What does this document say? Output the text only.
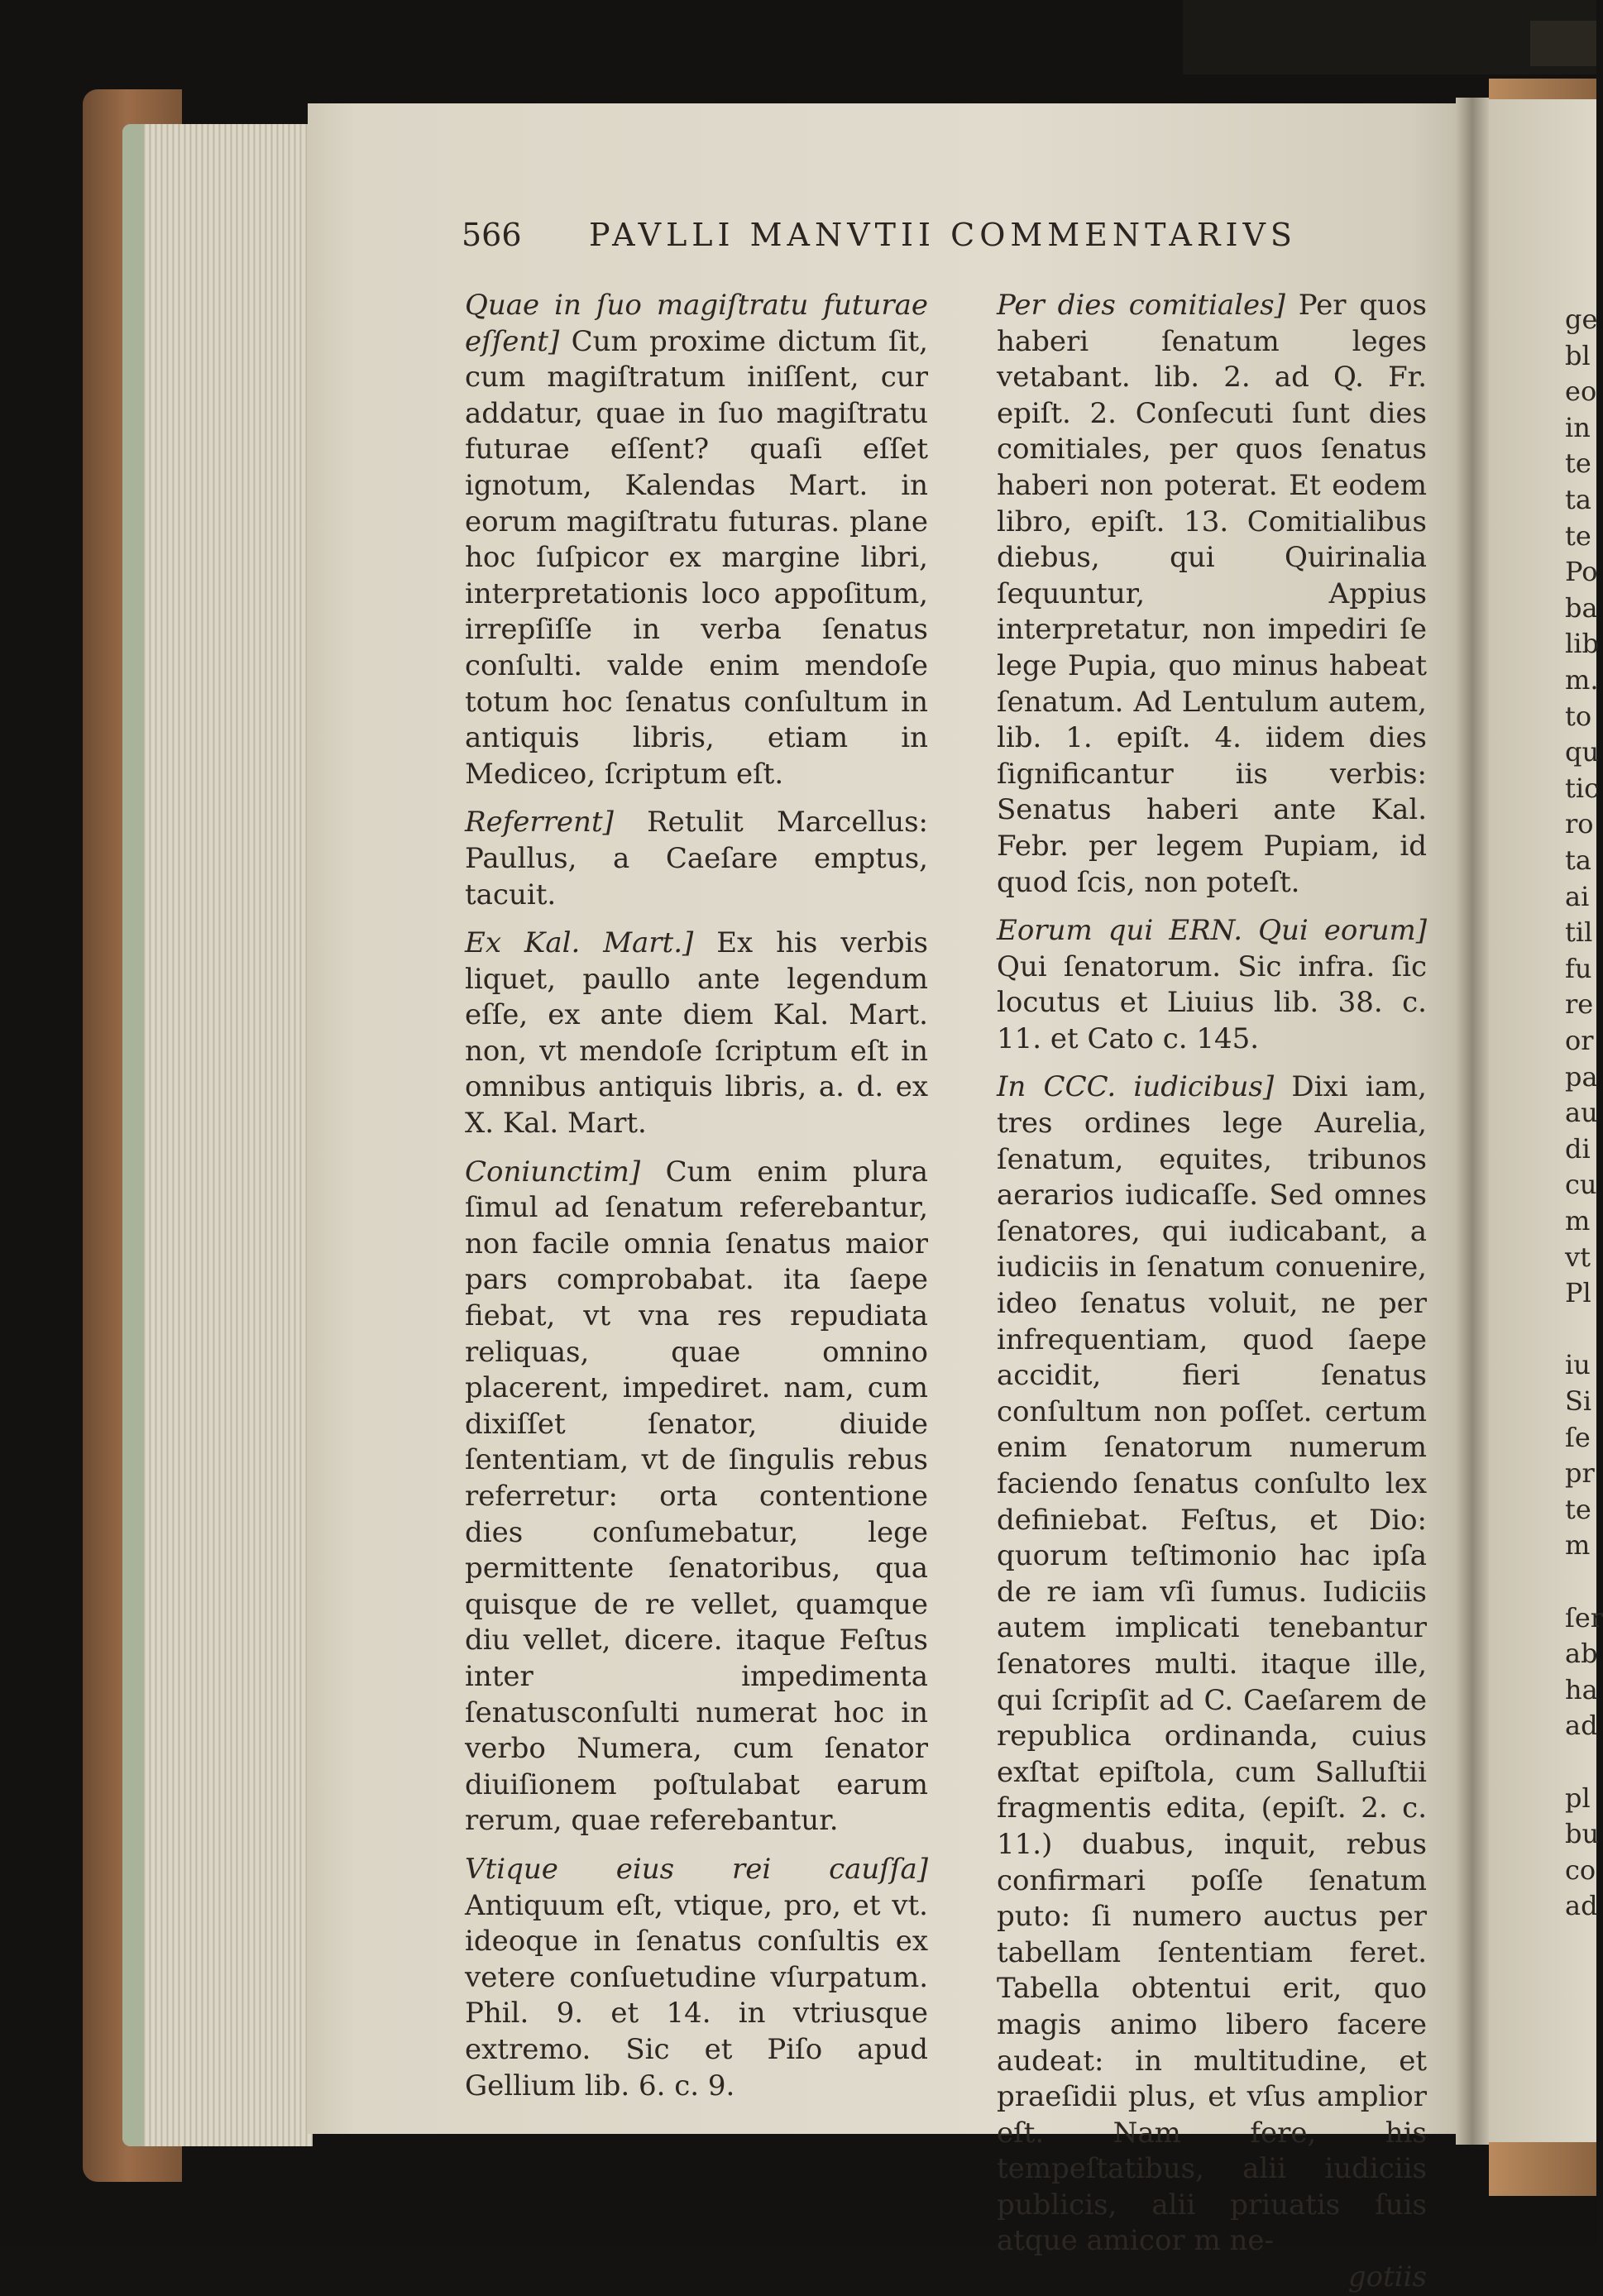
566 PAVLLI MANVTII COMMENTARIVS

Quae in ſuo magiſtratu futurae eſſent] Cum proxime dictum ſit, cum magiſtratum iniſſent, cur addatur, quae in ſuo magiſtratu futurae eſſent? quaſi eſſet ignotum, Kalendas Mart. in eorum magiſtratu futuras. plane hoc ſuſpicor ex margine libri, interpretationis loco appoſitum, irrepſiſſe in verba ſenatus conſulti. valde enim mendoſe totum hoc ſenatus conſultum in antiquis libris, etiam in Mediceo, ſcriptum eſt.

Referrent] Retulit Marcellus: Paullus, a Caeſare emptus, tacuit.

Ex Kal. Mart.] Ex his verbis liquet, paullo ante legendum eſſe, ex ante diem Kal. Mart. non, vt mendoſe ſcriptum eſt in omnibus antiquis libris, a. d. ex X. Kal. Mart.

Coniunctim] Cum enim plura ſimul ad ſenatum referebantur, non facile omnia ſenatus maior pars comprobabat. ita ſaepe fiebat, vt vna res repudiata reliquas, quae omnino placerent, impediret. nam, cum dixiſſet ſenator, diuide ſententiam, vt de ſingulis rebus referretur: orta contentione dies conſumebatur, lege permittente ſenatoribus, qua quisque de re vellet, quamque diu vellet, dicere. itaque Feſtus inter impedimenta ſenatusconſulti numerat hoc in verbo Numera, cum ſenator diuiſionem poſtulabat earum rerum, quae referebantur.

Vtique eius rei cauſſa] Antiquum eſt, vtique, pro, et vt. ideoque in ſenatus conſultis ex vetere conſuetudine vſurpatum. Phil. 9. et 14. in vtriusque extremo. Sic et Piſo apud Gellium lib. 6. c. 9.

Per dies comitiales] Per quos haberi ſenatum leges vetabant. lib. 2. ad Q. Fr. epiſt. 2. Conſecuti ſunt dies comitiales, per quos ſenatus haberi non poterat. Et eodem libro, epiſt. 13. Comitialibus diebus, qui Quirinalia ſequuntur, Appius interpretatur, non impediri ſe lege Pupia, quo minus habeat ſenatum. Ad Lentulum autem, lib. 1. epiſt. 4. iidem dies ſignificantur iis verbis: Senatus haberi ante Kal. Febr. per legem Pupiam, id quod ſcis, non poteſt.

Eorum qui ERN. Qui eorum] Qui ſenatorum. Sic infra. ſic locutus et Liuius lib. 38. c. 11. et Cato c. 145.

In CCC. iudicibus] Dixi iam, tres ordines lege Aurelia, ſenatum, equites, tribunos aerarios iudicaſſe. Sed omnes ſenatores, qui iudicabant, a iudiciis in ſenatum conuenire, ideo ſenatus voluit, ne per infrequentiam, quod ſaepe accidit, fieri ſenatus conſultum non poſſet. certum enim ſenatorum numerum faciendo ſenatus conſulto lex definiebat. Feſtus, et Dio: quorum teſtimonio hac ipſa de re iam vſi ſumus. Iudiciis autem implicati tenebantur ſenatores multi. itaque ille, qui ſcripſit ad C. Caeſarem de republica ordinanda, cuius exſtat epiſtola, cum Salluſtii fragmentis edita, (epiſt. 2. c. 11.) duabus, inquit, rebus confirmari poſſe ſenatum puto: ſi numero auctus per tabellam ſententiam feret. Tabella obtentui erit, quo magis animo libero facere audeat: in multitudine, et praeſidii plus, et vſus amplior eſt. Nam fere, his tempeſtatibus, alii iudiciis publicis, alii priuatis ſuis atque amicor m ne-

gotiis
ge
bl
eo
in
te
ta
te
Po
ba
lib
m.
to
qu
tic
ro
ta
ai
til
fu
re
or
pa
au
di
cu
m
vt
Pl
iu
Si
ſe
pr
te
m
ſer
ab
ha
ad
pl
bu
co
ad
